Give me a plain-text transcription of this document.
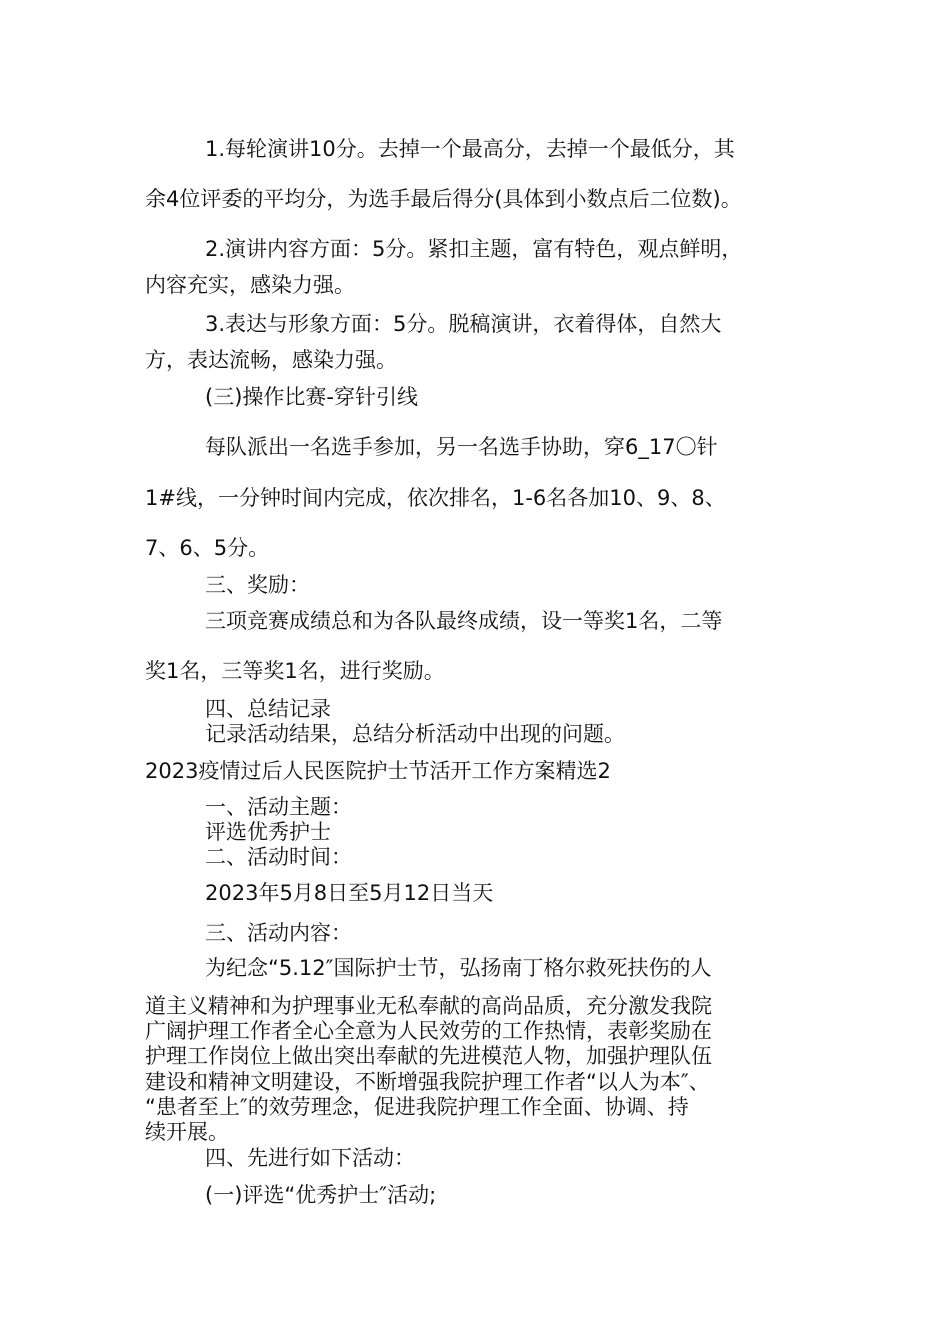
1.每轮演讲10分。去掉一个最高分，去掉一个最低分，其

余4位评委的平均分，为选手最后得分(具体到小数点后二位数)。

2.演讲内容方面：5分。紧扣主题，富有特色，观点鲜明，

内容充实，感染力强。

3.表达与形象方面：5分。脱稿演讲，衣着得体，自然大

方，表达流畅，感染力强。

(三)操作比赛-穿针引线

每队派出一名选手参加，另一名选手协助，穿6_17〇针

1#线，一分钟时间内完成，依次排名，1-6名各加10、9、8、

7、6、5分。

三、奖励：

三项竞赛成绩总和为各队最终成绩，设一等奖1名，二等

奖1名，三等奖1名，进行奖励。

四、总结记录

记录活动结果，总结分析活动中出现的问题。

2023疫情过后人民医院护士节活开工作方案精选2

一、活动主题：

评选优秀护士

二、活动时间：

2023年5月8日至5月12日当天

三、活动内容：

为纪念“5.12″国际护士节，弘扬南丁格尔救死扶伤的人

道主义精神和为护理事业无私奉献的高尚品质，充分激发我院

广阔护理工作者全心全意为人民效劳的工作热情，表彰奖励在

护理工作岗位上做出突出奉献的先进模范人物，加强护理队伍

建设和精神文明建设，不断增强我院护理工作者“以人为本″、

“患者至上″的效劳理念，促进我院护理工作全面、协调、持

续开展。

四、先进行如下活动：

(一)评选“优秀护士″活动;
